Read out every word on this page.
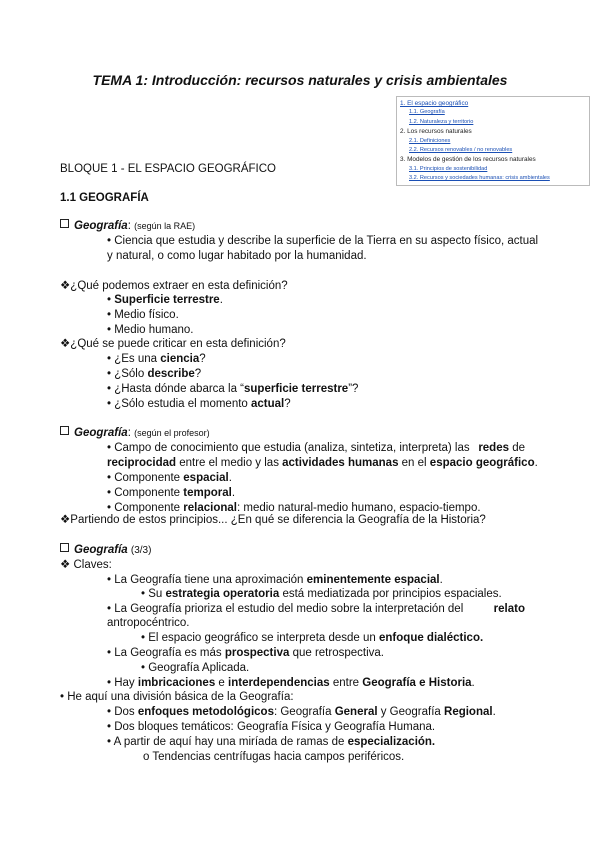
TEMA 1: Introducción: recursos naturales y crisis ambientales
1. El espacio geográfico
1.1. Geografía
1.2. Naturaleza y territorio
2. Los recursos naturales
2.1. Definiciones
2.2. Recursos renovables / no renovables
3. Modelos de gestión de los recursos naturales
3.1. Principios de sostenibilidad
3.2. Recursos y sociedades humanas: crisis ambientales
BLOQUE 1 - EL ESPACIO GEOGRÁFICO
1.1 GEOGRAFÍA
Geografía: (según la RAE)
• Ciencia que estudia y describe la superficie de la Tierra en su aspecto físico, actual
y natural, o como lugar habitado por la humanidad.
❖¿Qué podemos extraer en esta definición?
• Superficie terrestre.
• Medio físico.
• Medio humano.
❖¿Qué se puede criticar en esta definición?
• ¿Es una ciencia?
• ¿Sólo describe?
• ¿Hasta dónde abarca la “superficie terrestre”?
• ¿Sólo estudia el momento actual?
Geografía: (según el profesor)
• Campo de conocimiento que estudia (analiza, sintetiza, interpreta) las redes de
reciprocidad entre el medio y las actividades humanas en el espacio geográfico.
• Componente espacial.
• Componente temporal.
• Componente relacional: medio natural-medio humano, espacio-tiempo.
❖Partiendo de estos principios... ¿En qué se diferencia la Geografía de la Historia?
Geografía (3/3)
❖ Claves:
• La Geografía tiene una aproximación eminentemente espacial.
• Su estrategia operatoria está mediatizada por principios espaciales.
• La Geografía prioriza el estudio del medio sobre la interpretación del	relato
antropocéntrico.
• El espacio geográfico se interpreta desde un enfoque dialéctico.
• La Geografía es más prospectiva que retrospectiva.
• Geografía Aplicada.
• Hay imbricaciones e interdependencias entre Geografía e Historia.
• He aquí una división básica de la Geografía:
• Dos enfoques metodológicos: Geografía General y Geografía Regional.
• Dos bloques temáticos: Geografía Física y Geografía Humana.
• A partir de aquí hay una miríada de ramas de especialización.
o Tendencias centrífugas hacia campos periféricos.
